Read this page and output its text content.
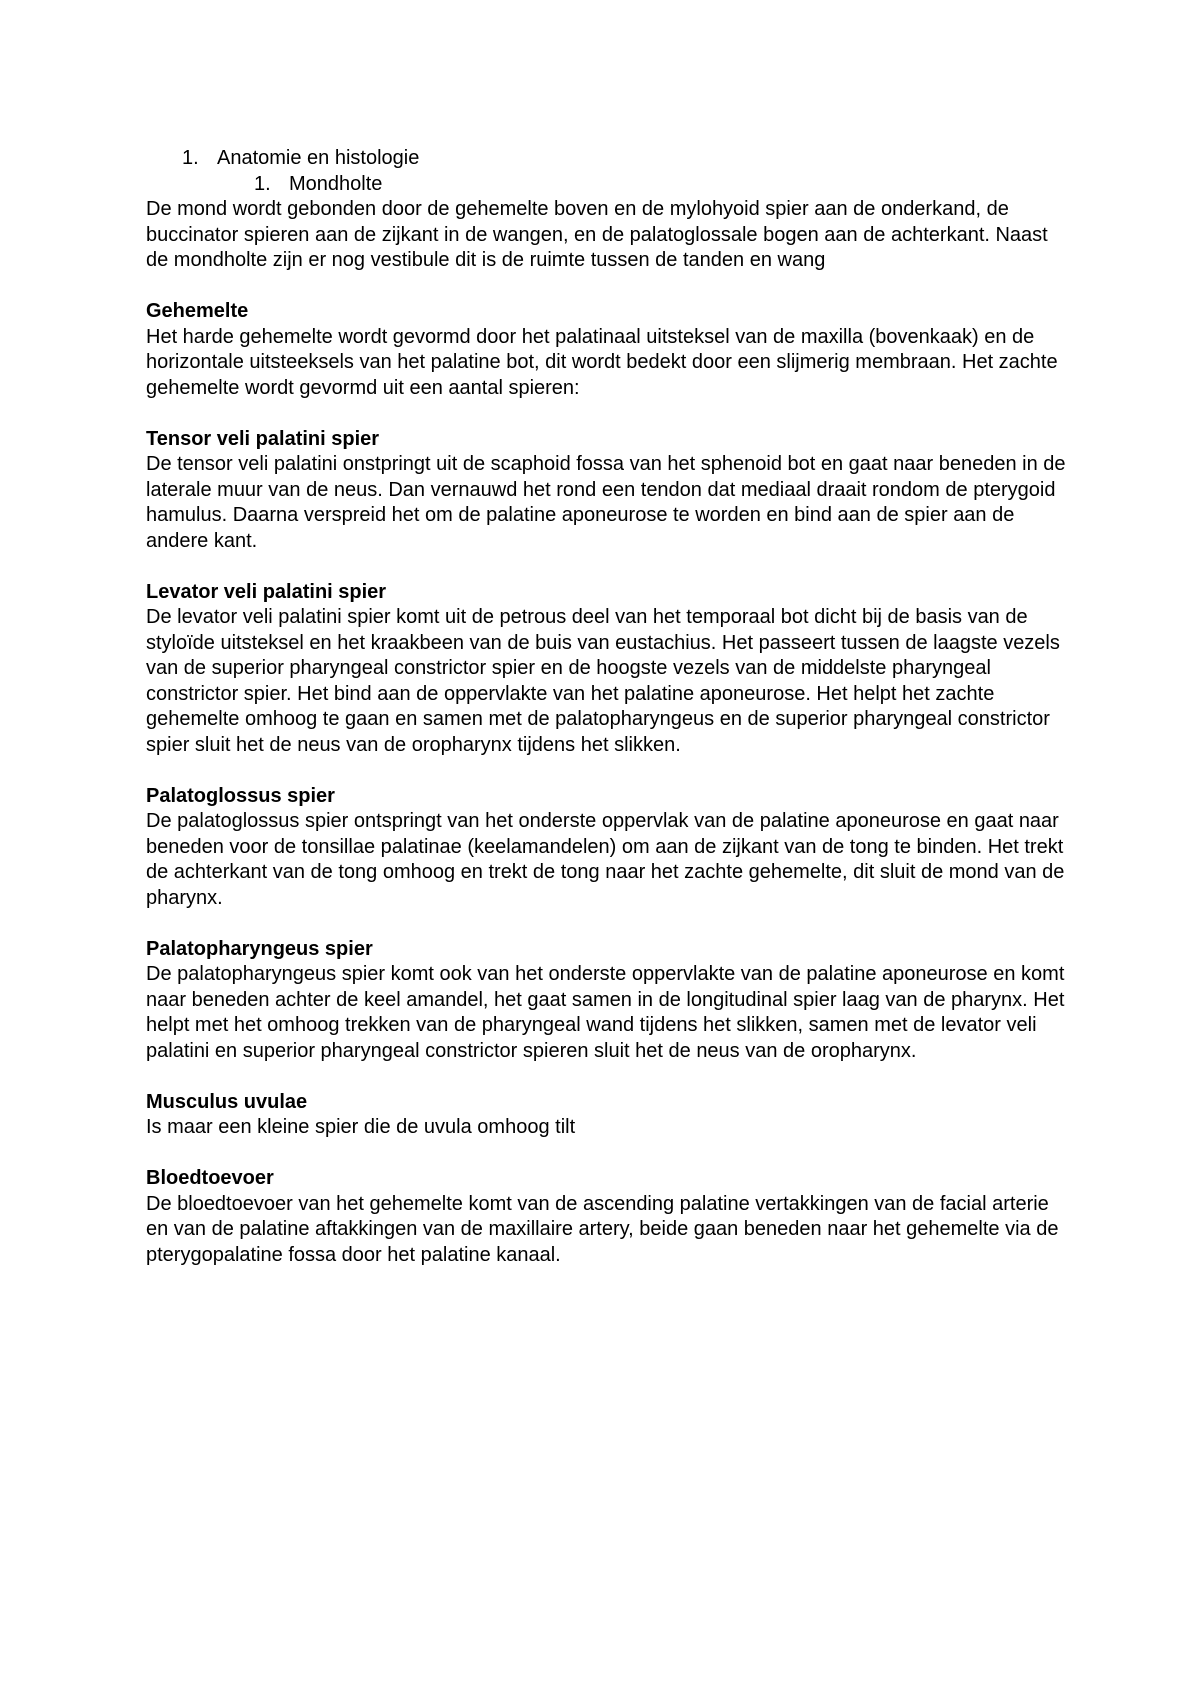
1. Anatomie en histologie
1. Mondholte

De mond wordt gebonden door de gehemelte boven en de mylohyoid spier aan de onderkand, de buccinator spieren aan de zijkant in de wangen, en de palatoglossale bogen aan de achterkant. Naast de mondholte zijn er nog vestibule dit is de ruimte tussen de tanden en wang

Gehemelte

Het harde gehemelte wordt gevormd door het palatinaal uitsteksel van de maxilla (bovenkaak) en de horizontale uitsteeksels van het palatine bot, dit wordt bedekt door een slijmerig membraan. Het zachte gehemelte wordt gevormd uit een aantal spieren:

Tensor veli palatini spier

De tensor veli palatini onstpringt uit de scaphoid fossa van het sphenoid bot en gaat naar beneden in de laterale muur van de neus. Dan vernauwd het rond een tendon dat mediaal draait rondom de pterygoid hamulus. Daarna verspreid het om de palatine aponeurose te worden en bind aan de spier aan de andere kant.

Levator veli palatini spier

De levator veli palatini spier komt uit de petrous deel van het temporaal bot dicht bij de basis van de styloïde uitsteksel en het kraakbeen van de buis van eustachius. Het passeert tussen de laagste vezels van de superior pharyngeal constrictor spier en de hoogste vezels van de middelste pharyngeal constrictor spier. Het bind aan de oppervlakte van het palatine aponeurose. Het helpt het zachte gehemelte omhoog te gaan en samen met de palatopharyngeus en de superior pharyngeal constrictor spier sluit het de neus van de oropharynx tijdens het slikken.

Palatoglossus spier

De palatoglossus spier ontspringt van het onderste oppervlak van de palatine aponeurose en gaat naar beneden voor de tonsillae palatinae (keelamandelen) om aan de zijkant van de tong te binden. Het trekt de achterkant van de tong omhoog en trekt de tong naar het zachte gehemelte, dit sluit de mond van de pharynx.

Palatopharyngeus spier

De palatopharyngeus spier komt ook van het onderste oppervlakte van de palatine aponeurose en komt naar beneden achter de keel amandel, het gaat samen in de longitudinal spier laag van de pharynx. Het helpt met het omhoog trekken van de pharyngeal wand tijdens het slikken, samen met de levator veli palatini en superior pharyngeal constrictor spieren sluit het de neus van de oropharynx.

Musculus uvulae

Is maar een kleine spier die de uvula omhoog tilt

Bloedtoevoer

De bloedtoevoer van het gehemelte komt van de ascending palatine vertakkingen van de facial arterie en van de palatine aftakkingen van de maxillaire artery, beide gaan beneden naar het gehemelte via de pterygopalatine fossa door het palatine kanaal.
